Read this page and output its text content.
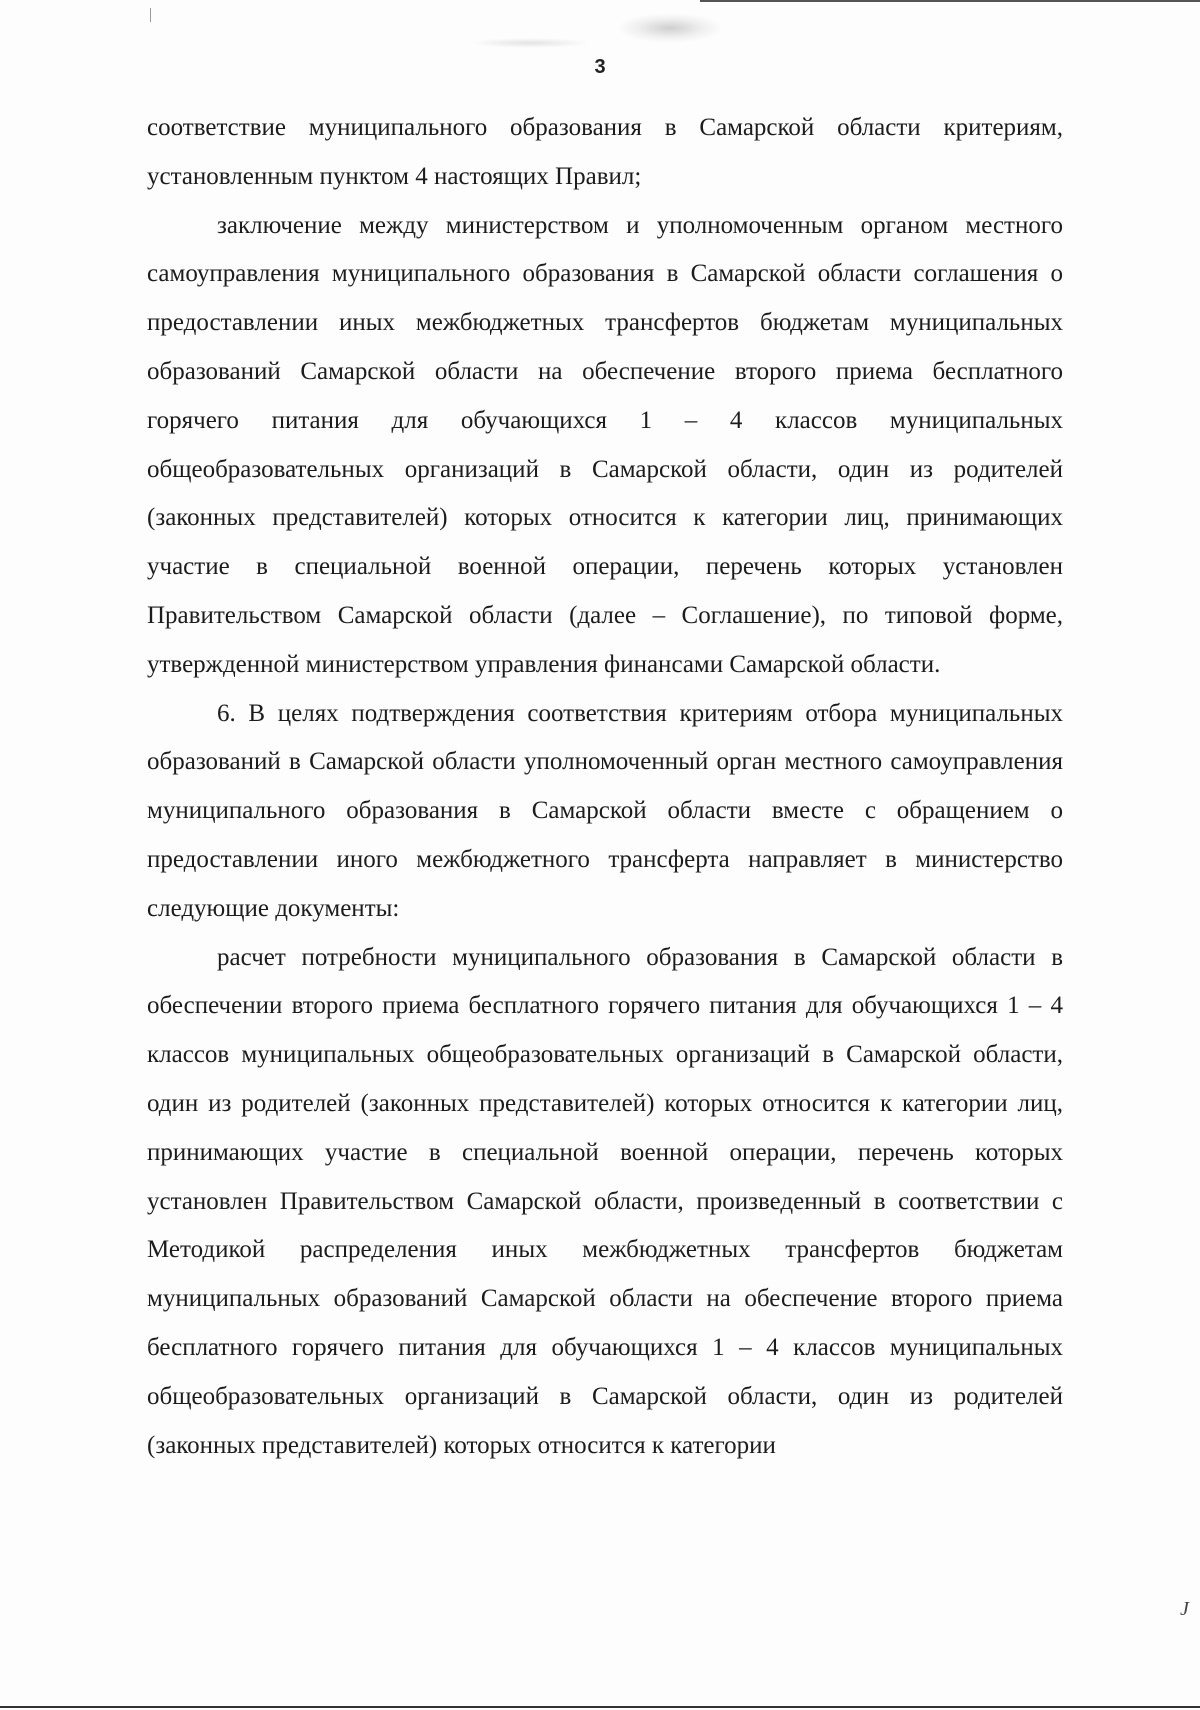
3

соответствие муниципального образования в Самарской области критериям, установленным пунктом 4 настоящих Правил;

заключение между министерством и уполномоченным органом местного самоуправления муниципального образования в Самарской области соглашения о предоставлении иных межбюджетных трансфертов бюджетам муниципальных образований Самарской области на обеспечение второго приема бесплатного горячего питания для обучающихся 1 – 4 классов муниципальных общеобразовательных организаций в Самарской области, один из родителей (законных представителей) которых относится к категории лиц, принимающих участие в специальной военной операции, перечень которых установлен Правительством Самарской области (далее – Соглашение), по типовой форме, утвержденной министерством управления финансами Самарской области.

6. В целях подтверждения соответствия критериям отбора муниципальных образований в Самарской области уполномоченный орган местного самоуправления муниципального образования в Самарской области вместе с обращением о предоставлении иного межбюджетного трансферта направляет в министерство следующие документы:

расчет потребности муниципального образования в Самарской области в обеспечении второго приема бесплатного горячего питания для обучающихся 1 – 4 классов муниципальных общеобразовательных организаций в Самарской области, один из родителей (законных представителей) которых относится к категории лиц, принимающих участие в специальной военной операции, перечень которых установлен Правительством Самарской области, произведенный в соответствии с Методикой распределения иных межбюджетных трансфертов бюджетам муниципальных образований Самарской области на обеспечение второго приема бесплатного горячего питания для обучающихся 1 – 4 классов муниципальных общеобразовательных организаций в Самарской области, один из родителей (законных представителей) которых относится к категории

J
